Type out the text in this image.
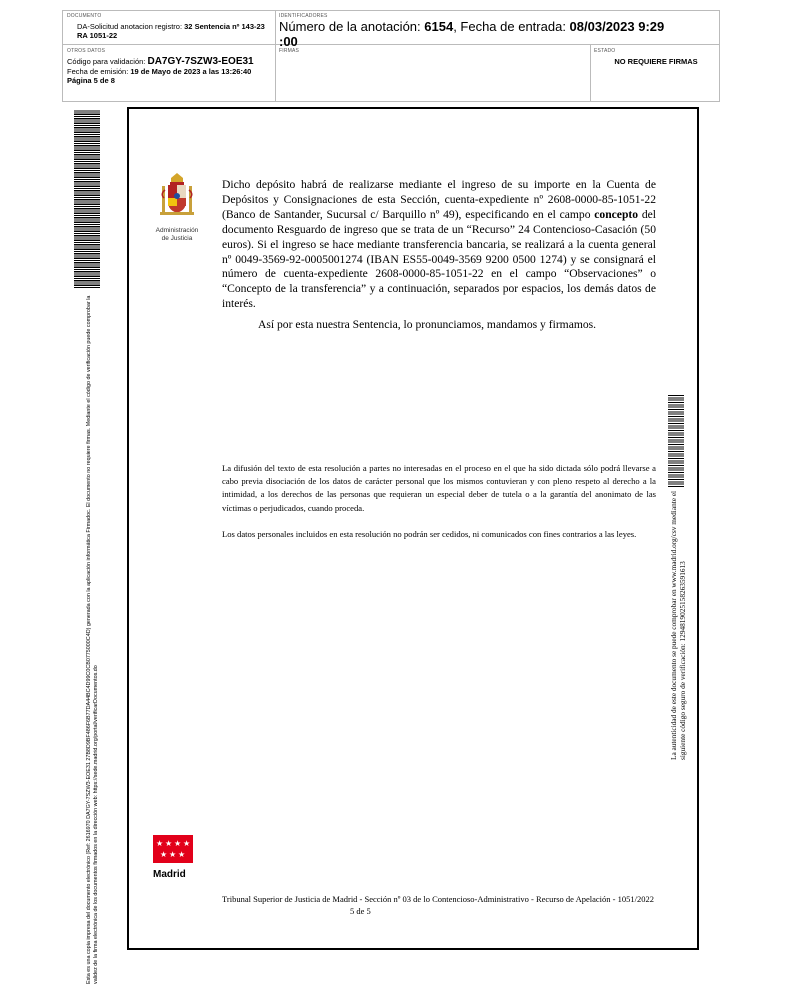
DOCUMENTO
DA-Solicitud anotacion registro: 32 Sentencia nº 143-23 RA 1051-22
IDENTIFICADORES
Número de la anotación: 6154, Fecha de entrada: 08/03/2023 9:29
:00
OTROS DATOS
Código para validación: DA7GY-7SZW3-EOE31
Fecha de emisión: 19 de Mayo de 2023 a las 13:26:40
Página 5 de 8
FIRMAS	ESTADO
NO REQUIERE FIRMAS
Esta es una copia impresa del documento electrónico (Ref: 2616970 DA7GY-7SZW3-EOE31 27B8D9BF486F6B77DA44BC4D99C0CB0775000C4D) generada con la aplicación informática Firmadoc. El documento no requiere firmas. Mediante el código de verificación puede comprobar la validez de la firma electrónica de los documentos firmados en la dirección web: https://sede.madrid.org/portal/verificarDocumentos.do
Administración
de Justicia
Dicho depósito habrá de realizarse mediante el ingreso de su importe en la Cuenta de Depósitos y Consignaciones de esta Sección, cuenta-expediente nº 2608-0000-85-1051-22 (Banco de Santander, Sucursal c/ Barquillo nº 49), especificando en el campo concepto del documento Resguardo de ingreso que se trata de un “Recurso” 24 Contencioso-Casación (50 euros). Si el ingreso se hace mediante transferencia bancaria, se realizará a la cuenta general nº 0049-3569-92-0005001274 (IBAN ES55-0049-3569 9200 0500 1274) y se consignará el número de cuenta-expediente 2608-0000-85-1051-22 en el campo “Observaciones” o “Concepto de la transferencia” y a continuación, separados por espacios, los demás datos de interés.
Así por esta nuestra Sentencia, lo pronunciamos, mandamos y firmamos.
La difusión del texto de esta resolución a partes no interesadas en el proceso en el que ha sido dictada sólo podrá llevarse a cabo previa disociación de los datos de carácter personal que los mismos contuvieran y con pleno respeto al derecho a la intimidad, a los derechos de las personas que requieran un especial deber de tutela o a la garantía del anonimato de las víctimas o perjudicados, cuando proceda.
Los datos personales incluidos en esta resolución no podrán ser cedidos, ni comunicados con fines contrarios a las leyes.	La autenticidad de este documento se puede comprobar en www.madrid.org/csv mediante el siguiente código seguro de verificación: 1294819025158263591613
★ ★ ★ ★
★ ★ ★
Madrid
Tribunal Superior de Justicia de Madrid - Sección nº 03 de lo Contencioso-Administrativo - Recurso de Apelación - 1051/2022 5 de 5
